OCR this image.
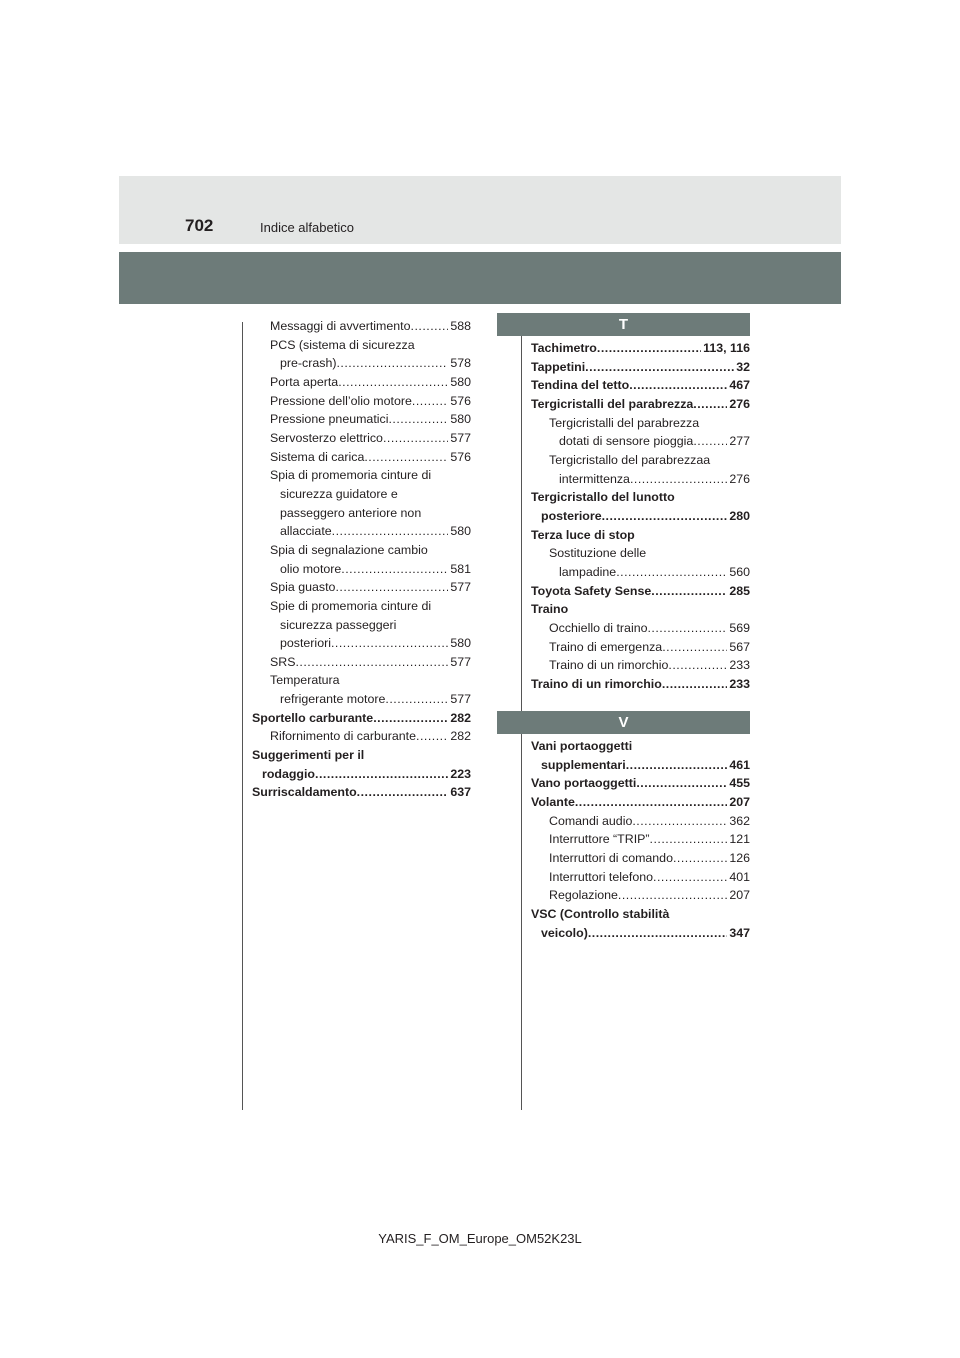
702	Indice alfabetico
Messaggi di avvertimento .....	588
PCS (sistema di sicurezza
pre-crash) .....	578
Porta aperta .....	580
Pressione dell’olio motore .....	576
Pressione pneumatici .....	580
Servosterzo elettrico .....	577
Sistema di carica .....	576
Spia di promemoria cinture di
sicurezza guidatore e
passeggero anteriore non
allacciate .....	580
Spia di segnalazione cambio
olio motore .....	581
Spia guasto .....	577
Spie di promemoria cinture di
sicurezza passeggeri
posteriori .....	580
SRS .....	577
Temperatura
refrigerante motore .....	577
Sportello carburante .....	282
Rifornimento di carburante .....	282
Suggerimenti per il
rodaggio .....	223
Surriscaldamento .....	637
T
Tachimetro .....	113, 116
Tappetini .....	32
Tendina del tetto .....	467
Tergicristalli del parabrezza .....	276
Tergicristalli del parabrezza
dotati di sensore pioggia .....	277
Tergicristallo del parabrezzaa
intermittenza .....	276
Tergicristallo del lunotto
posteriore .....	280
Terza luce di stop
Sostituzione delle
lampadine .....	560
Toyota Safety Sense .....	285
Traino
Occhiello di traino .....	569
Traino di emergenza .....	567
Traino di un rimorchio .....	233
Traino di un rimorchio .....	233
V
Vani portaoggetti
supplementari .....	461
Vano portaoggetti .....	455
Volante .....	207
Comandi audio .....	362
Interruttore “TRIP” .....	121
Interruttori di comando .....	126
Interruttori telefono .....	401
Regolazione .....	207
VSC (Controllo stabilità
veicolo) .....	347
YARIS_F_OM_Europe_OM52K23L
